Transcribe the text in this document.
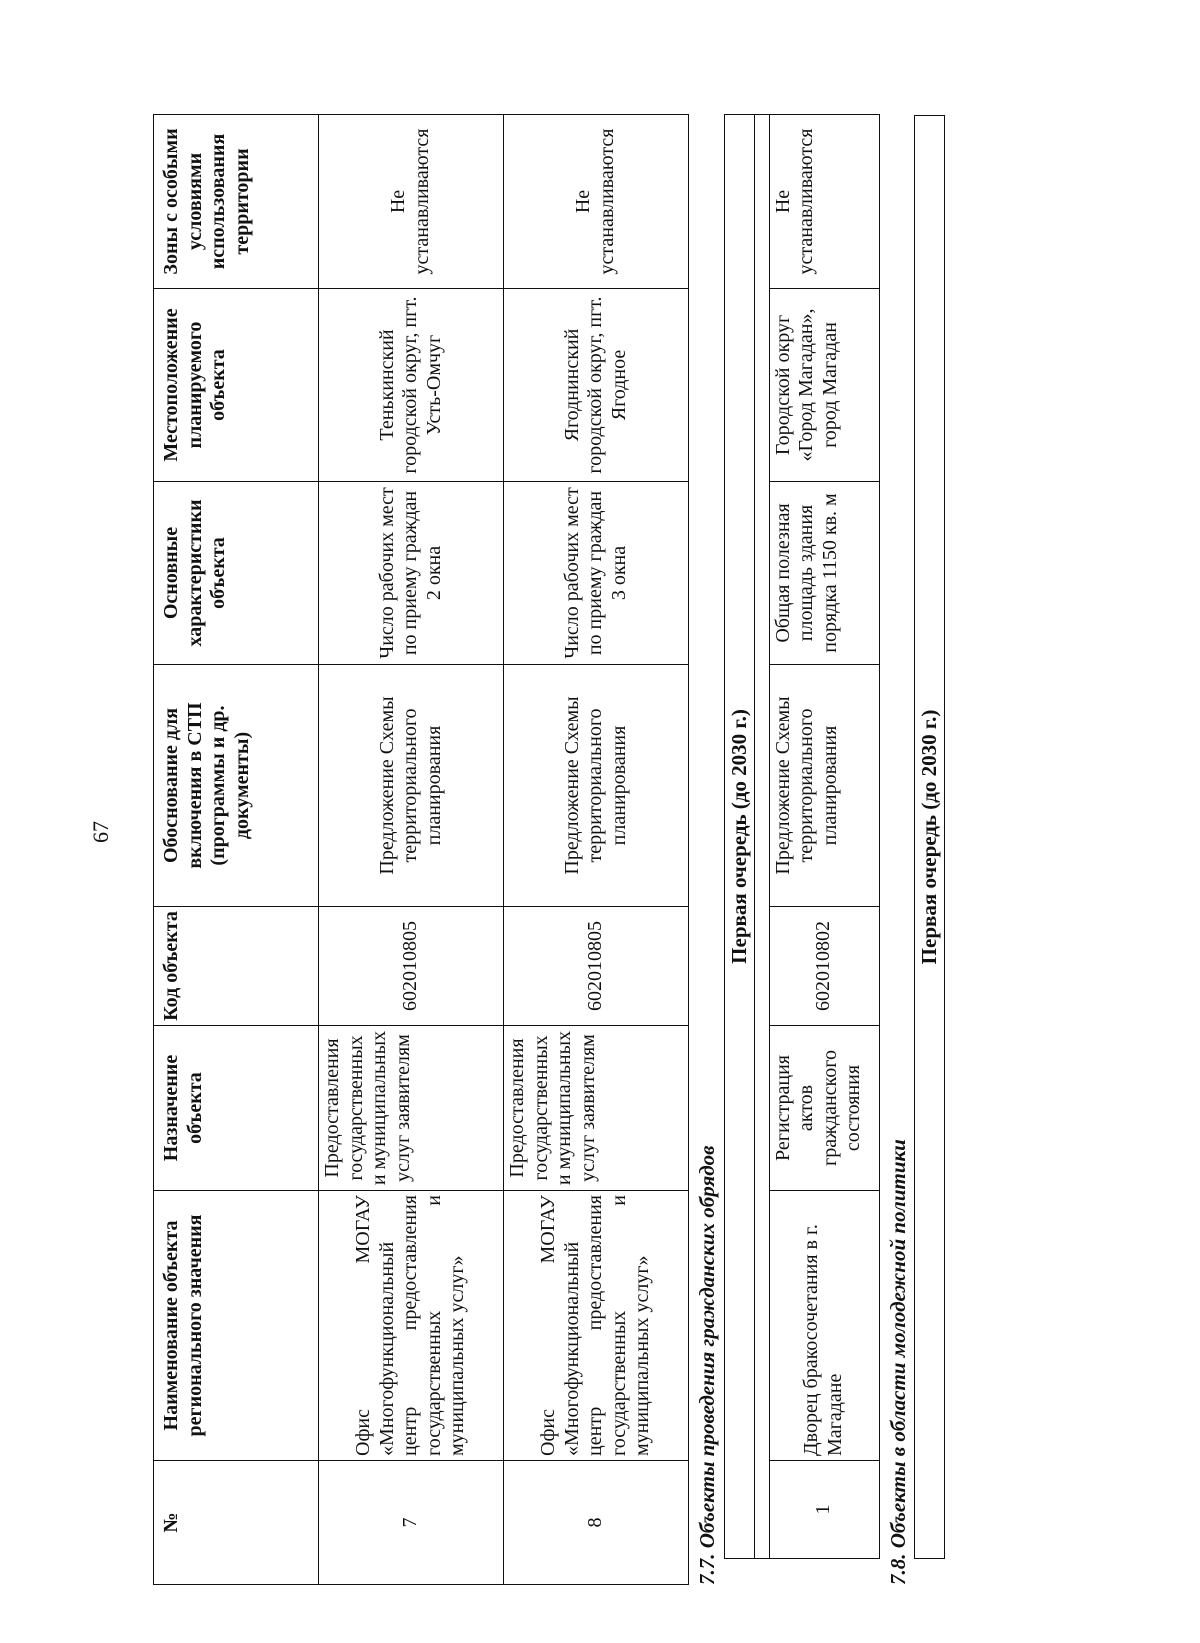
67
№	Наименование объекта регионального значения	Назначение объекта	Код объекта	Обоснование для включения в СТП (программы и др. документы)	Основные характеристики объекта	Местоположение планируемого объекта	Зоны с особыми условиями использования территории
7	Офис МОГАУ «Многофункциональный центр предоставления государственных и муниципальных услуг»	Предоставления государственных и муниципальных услуг заявителям	602010805	Предложение Схемы территориального планирования	Число рабочих мест по приему граждан 2 окна	Тенькинский городской округ, пгт. Усть-Омчуг	Не устанавливаются
8	Офис МОГАУ «Многофункциональный центр предоставления государственных и муниципальных услуг»	Предоставления государственных и муниципальных услуг заявителям	602010805	Предложение Схемы территориального планирования	Число рабочих мест по приему граждан 3 окна	Ягоднинский городской округ, пгт. Ягодное	Не устанавливаются
7.7. Объекты проведения гражданских обрядов
Первая очередь (до 2030 г.)

1	Дворец бракосочетания в г. Магадане	Регистрация актов гражданского состояния	602010802	Предложение Схемы территориального планирования	Общая полезная площадь здания порядка 1150 кв. м	Городской округ «Город Магадан», город Магадан	Не устанавливаются
7.8. Объекты в области молодежной политики
Первая очередь (до 2030 г.)
